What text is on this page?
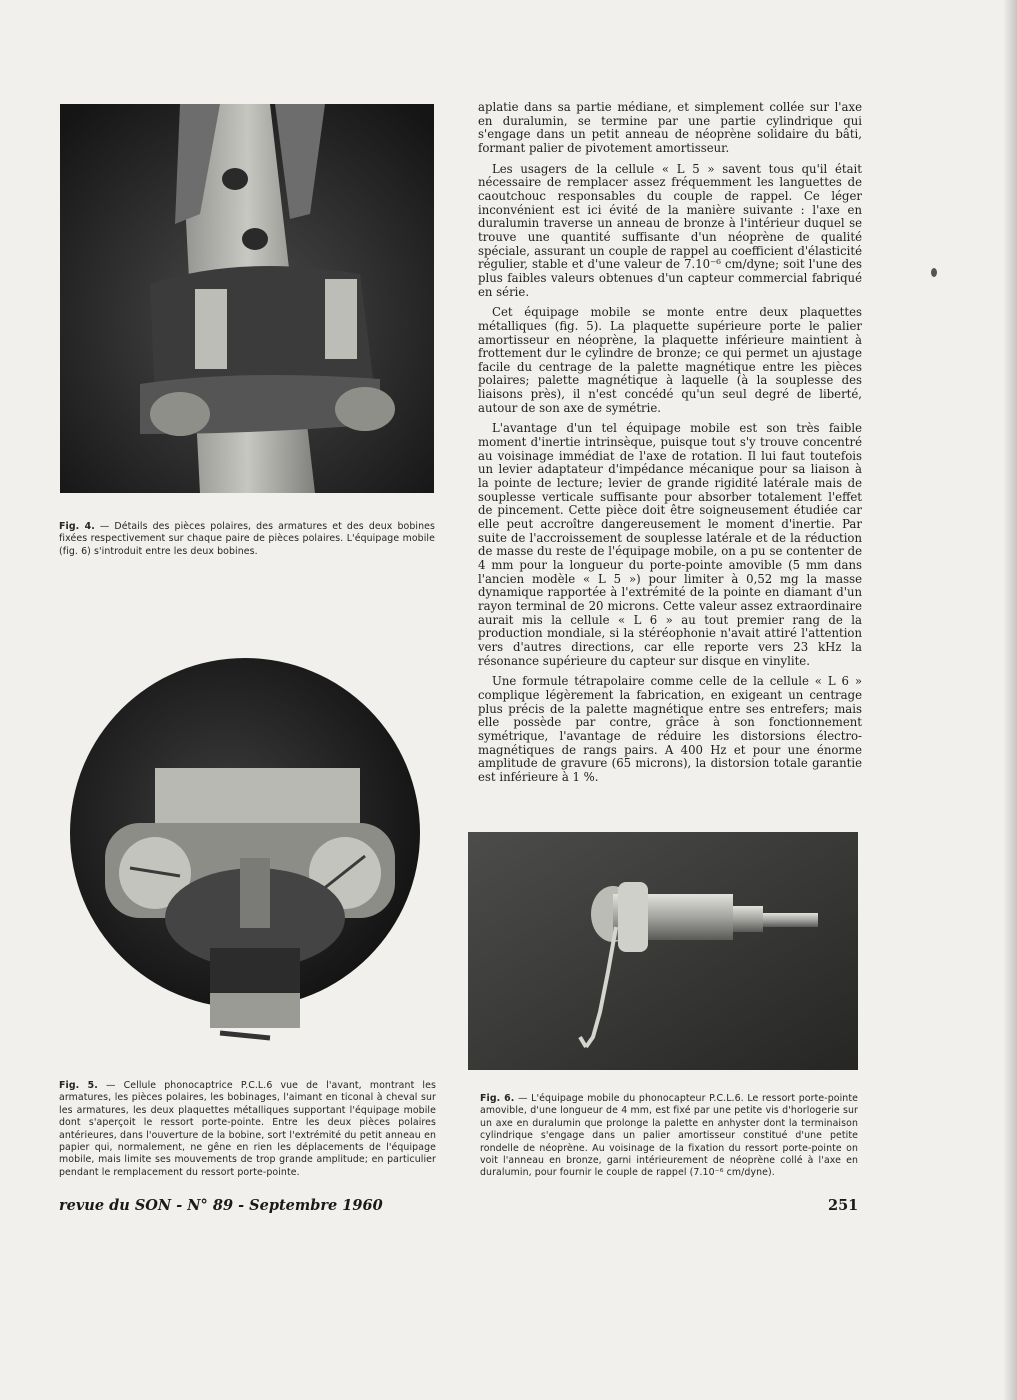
Fig. 4. — Détails des pièces polaires, des armatures et des deux bobines fixées respectivement sur chaque paire de pièces polaires. L'équipage mobile (fig. 6) s'introduit entre les deux bobines.

Fig. 5. — Cellule phonocaptrice P.C.L.6 vue de l'avant, montrant les armatures, les pièces polaires, les bobinages, l'aimant en ticonal à cheval sur les armatures, les deux plaquettes métalliques supportant l'équipage mobile dont s'aperçoit le ressort porte-pointe. Entre les deux pièces polaires antérieures, dans l'ouverture de la bobine, sort l'extrémité du petit anneau en papier qui, normalement, ne gêne en rien les déplacements de l'équipage mobile, mais limite ses mouvements de trop grande amplitude; en particulier pendant le remplacement du ressort porte-pointe.

Fig. 6. — L'équipage mobile du phonocapteur P.C.L.6. Le ressort porte-pointe amovible, d'une longueur de 4 mm, est fixé par une petite vis d'horlogerie sur un axe en duralumin que prolonge la palette en anhyster dont la terminaison cylindrique s'engage dans un palier amortisseur constitué d'une petite rondelle de néoprène. Au voisinage de la fixation du ressort porte-pointe on voit l'anneau en bronze, garni intérieurement de néoprène collé à l'axe en duralumin, pour fournir le couple de rappel (7.10⁻⁶ cm/dyne).

aplatie dans sa partie médiane, et simplement collée sur l'axe en duralumin, se termine par une partie cylindrique qui s'engage dans un petit anneau de néoprène solidaire du bâti, formant palier de pivotement amortisseur.

Les usagers de la cellule « L 5 » savent tous qu'il était nécessaire de remplacer assez fréquemment les languettes de caoutchouc responsables du couple de rappel. Ce léger inconvénient est ici évité de la manière suivante : l'axe en duralumin traverse un anneau de bronze à l'intérieur duquel se trouve une quantité suffisante d'un néoprène de qualité spéciale, assurant un couple de rappel au coefficient d'élasticité régulier, stable et d'une valeur de 7.10⁻⁶ cm/dyne; soit l'une des plus faibles valeurs obtenues d'un capteur commercial fabriqué en série.

Cet équipage mobile se monte entre deux plaquettes métalliques (fig. 5). La plaquette supérieure porte le palier amortisseur en néoprène, la plaquette inférieure maintient à frottement dur le cylindre de bronze; ce qui permet un ajustage facile du centrage de la palette magnétique entre les pièces polaires; palette magnétique à laquelle (à la souplesse des liaisons près), il n'est concédé qu'un seul degré de liberté, autour de son axe de symétrie.

L'avantage d'un tel équipage mobile est son très faible moment d'inertie intrinsèque, puisque tout s'y trouve concentré au voisinage immédiat de l'axe de rotation. Il lui faut toutefois un levier adaptateur d'impédance mécanique pour sa liaison à la pointe de lecture; levier de grande rigidité latérale mais de souplesse verticale suffisante pour absorber totalement l'effet de pincement. Cette pièce doit être soigneusement étudiée car elle peut accroître dangereusement le moment d'inertie. Par suite de l'accroissement de souplesse latérale et de la réduction de masse du reste de l'équipage mobile, on a pu se contenter de 4 mm pour la longueur du porte-pointe amovible (5 mm dans l'ancien modèle « L 5 ») pour limiter à 0,52 mg la masse dynamique rapportée à l'extrémité de la pointe en diamant d'un rayon terminal de 20 microns. Cette valeur assez extraordinaire aurait mis la cellule « L 6 » au tout premier rang de la production mondiale, si la stéréophonie n'avait attiré l'attention vers d'autres directions, car elle reporte vers 23 kHz la résonance supérieure du capteur sur disque en vinylite.

Une formule tétrapolaire comme celle de la cellule « L 6 » complique légèrement la fabrication, en exigeant un centrage plus précis de la palette magnétique entre ses entrefers; mais elle possède par contre, grâce à son fonctionnement symétrique, l'avantage de réduire les distorsions électro-magnétiques de rangs pairs. A 400 Hz et pour une énorme amplitude de gravure (65 microns), la distorsion totale garantie est inférieure à 1 %.

revue du SON - N° 89 - Septembre 1960	251
